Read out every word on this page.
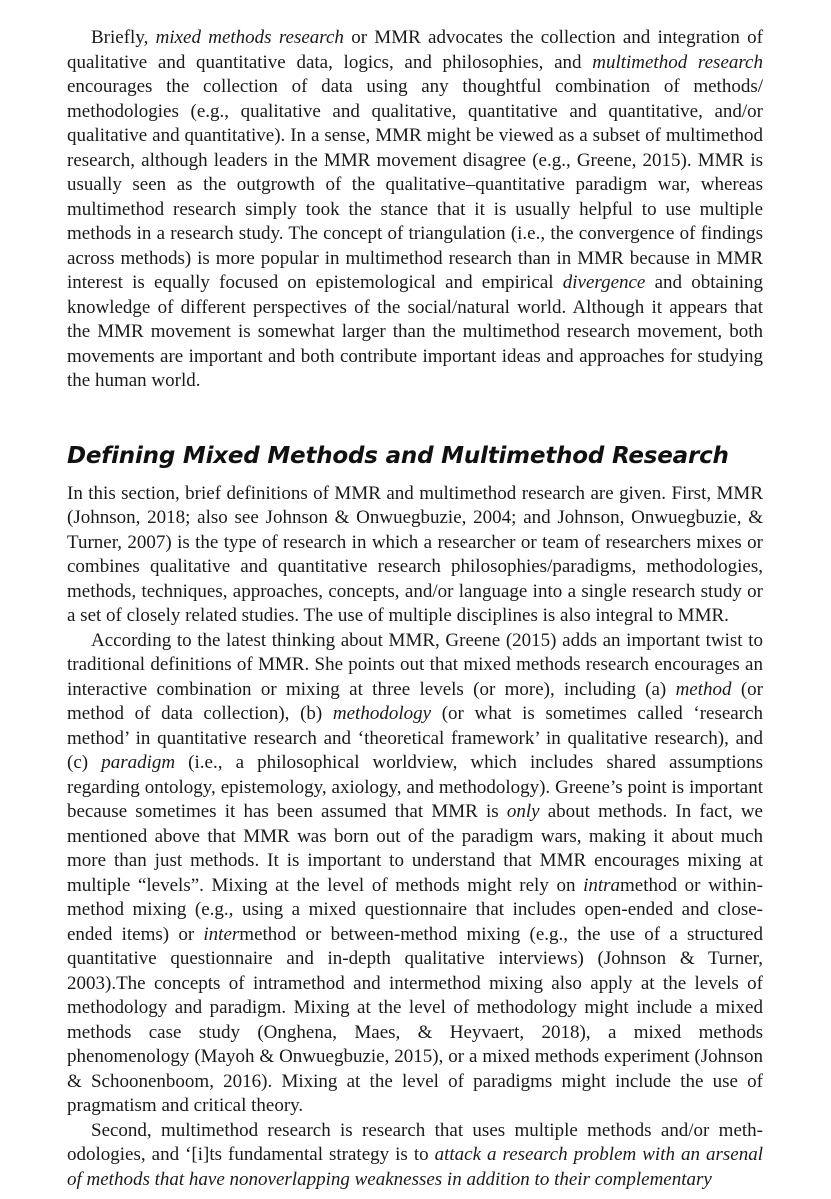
Briefly, mixed methods research or MMR advocates the collection and integration of qualitative and quantitative data, logics, and philosophies, and multimethod research encourages the collection of data using any thoughtful combination of methods/​methodologies (e.g., qualitative and qualitative, quantitative and quantitative, and/or qualitative and quantitative). In a sense, MMR might be viewed as a subset of multimethod research, although leaders in the MMR movement disagree (e.g., Greene, 2015). MMR is usually seen as the outgrowth of the qualitative–quantitative paradigm war, whereas multimethod research simply took the stance that it is usually helpful to use multiple methods in a research study. The concept of triangulation (i.e., the convergence of findings across methods) is more popular in multimethod research than in MMR because in MMR interest is equally focused on epistemological and empirical divergence and obtaining knowledge of different perspectives of the social/natural world. Although it appears that the MMR movement is somewhat larger than the multimethod research movement, both movements are important and both contribute important ideas and approaches for studying the human world.

Defining Mixed Methods and Multimethod Research

In this section, brief definitions of MMR and multimethod research are given. First, MMR (Johnson, 2018; also see Johnson & Onwuegbuzie, 2004; and Johnson, Onwuegbuzie, & Turner, 2007) is the type of research in which a researcher or team of researchers mixes or combines qualitative and quantitative research philosophies/paradigms, methodologies, methods, techniques, approaches, concepts, and/or language into a single research study or a set of closely related studies. The use of multiple disciplines is also integral to MMR.

According to the latest thinking about MMR, Greene (2015) adds an important twist to traditional definitions of MMR. She points out that mixed methods research encourages an interactive combination or mixing at three levels (or more), including (a) method (or method of data collection), (b) methodology (or what is sometimes called ‘research method’ in quantitative research and ‘theoretical framework’ in qualitative research), and (c) paradigm (i.e., a philosophical worldview, which includes shared assumptions regarding ontology, epistemology, axiology, and methodology). Greene’s point is important because sometimes it has been assumed that MMR is only about methods. In fact, we mentioned above that MMR was born out of the paradigm wars, making it about much more than just methods. It is important to understand that MMR encourages mixing at multiple “levels”. Mixing at the level of methods might rely on intramethod or within-method mixing (e.g., using a mixed questionnaire that includes open-ended and close-ended items) or intermethod or between-method mixing (e.g., the use of a structured quantitative questionnaire and in-depth qualitative interviews) (Johnson & Turner, 2003).The concepts of intramethod and intermethod mixing also apply at the levels of methodology and paradigm. Mixing at the level of methodology might include a mixed methods case study (Onghena, Maes, & Heyvaert, 2018), a mixed methods phenomenology (Mayoh & Onwuegbuzie, 2015), or a mixed methods experiment (Johnson & Schoonenboom, 2016). Mixing at the level of paradigms might include the use of pragmatism and critical theory.

Second, multimethod research is research that uses multiple methods and/or methodologies, and ‘[i]ts fundamental strategy is to attack a research problem with an arsenal of methods that have nonoverlapping weaknesses in addition to their complementary
